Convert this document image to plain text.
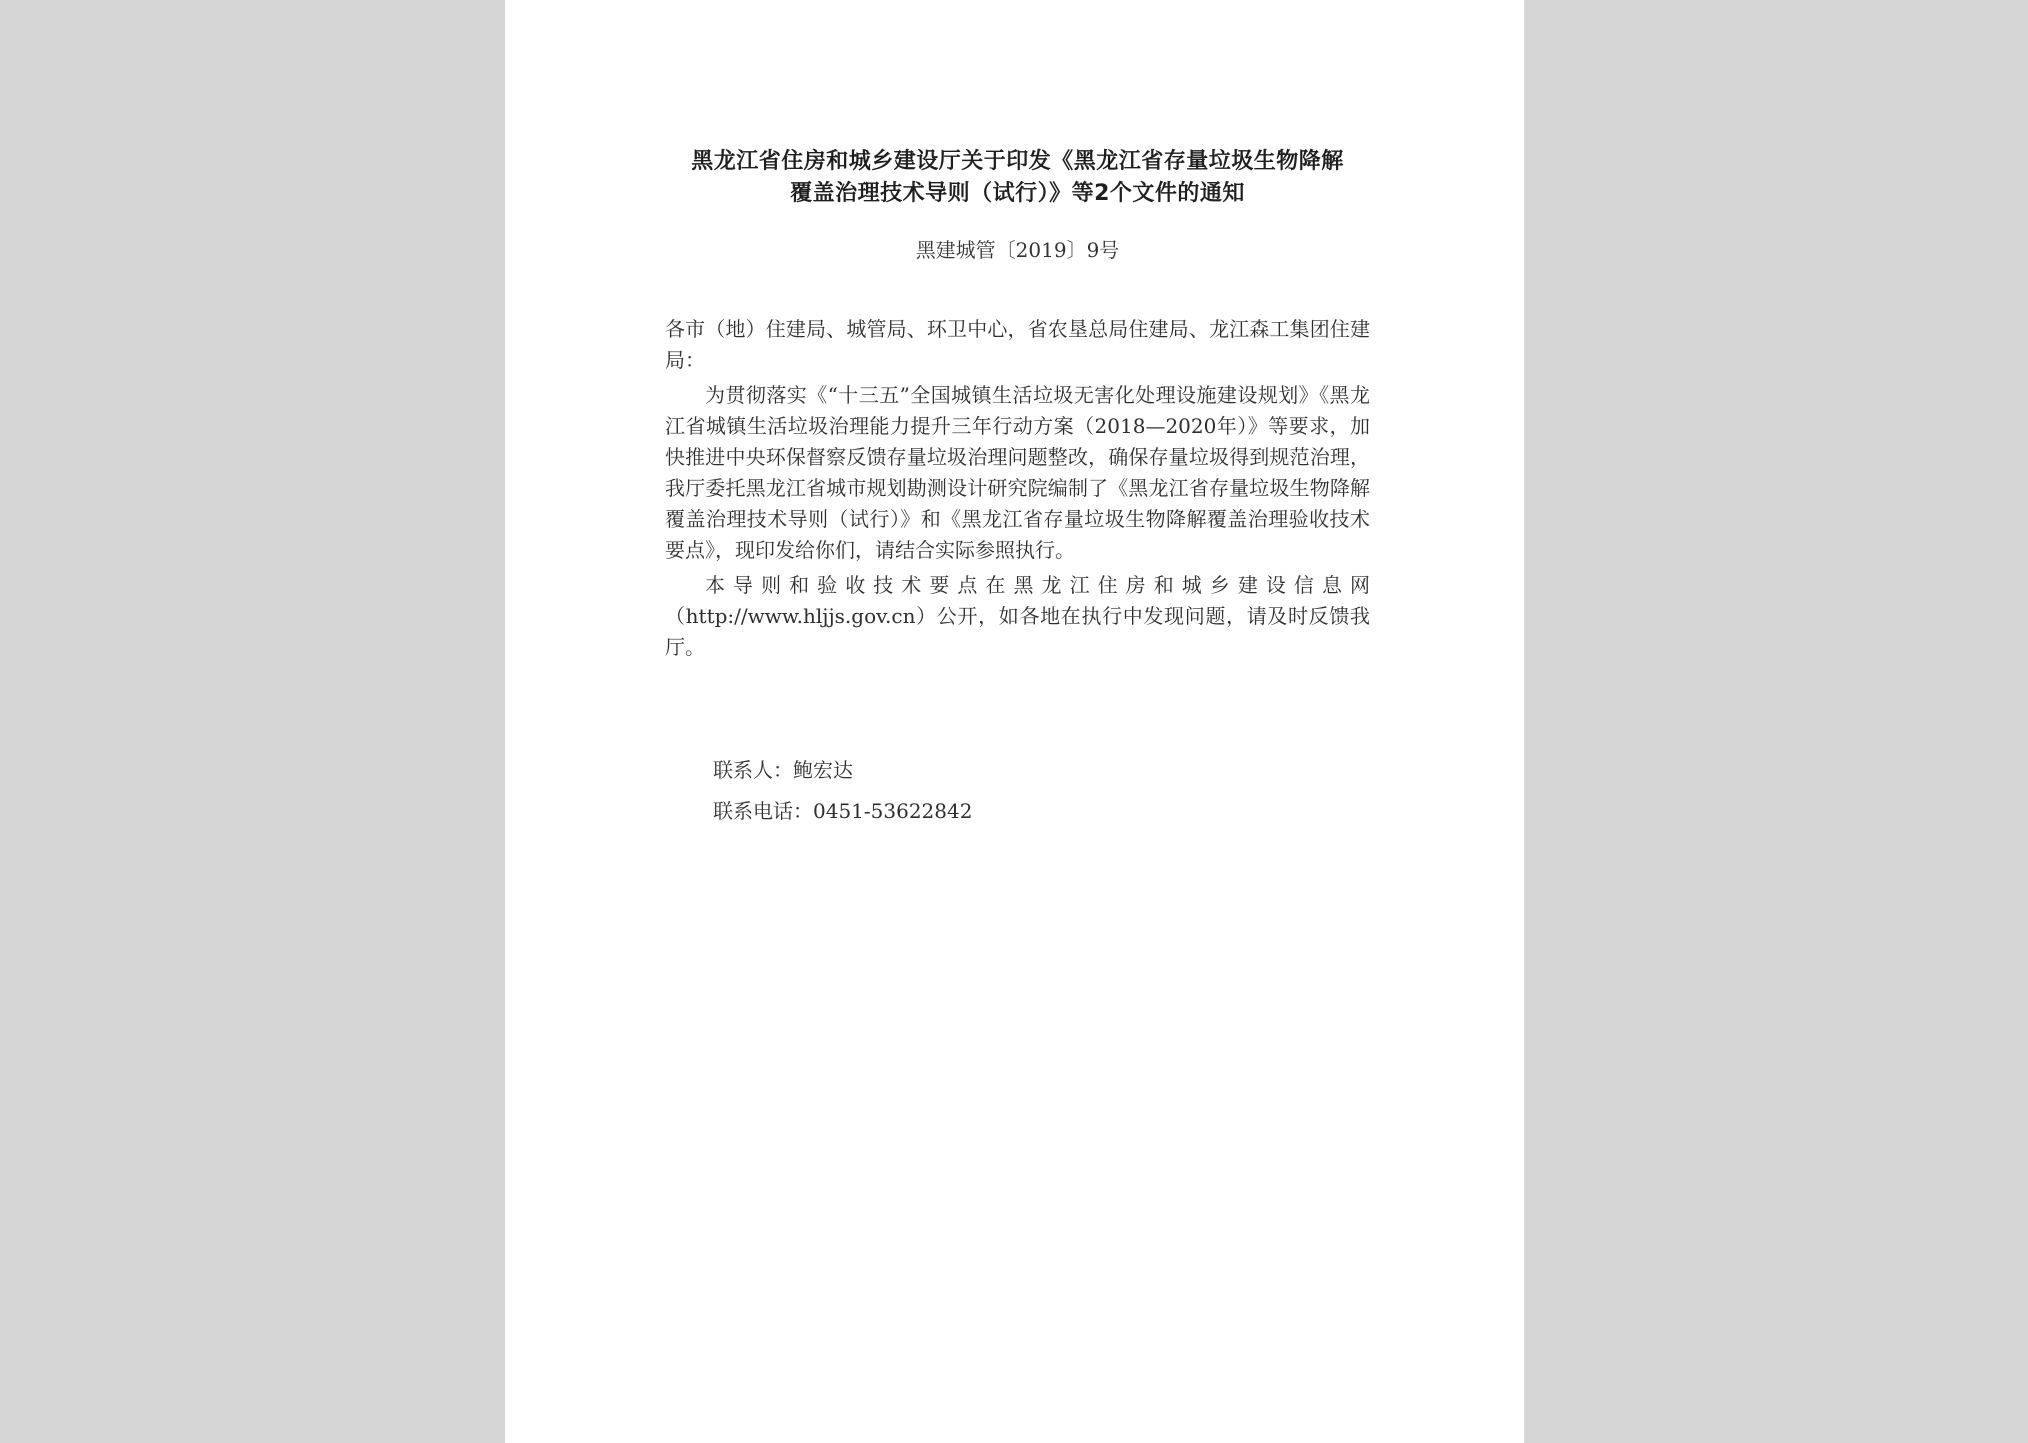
黑龙江省住房和城乡建设厅关于印发《黑龙江省存量垃圾生物降解
覆盖治理技术导则（试行）》等2个文件的通知
黑建城管〔2019〕9号

各市（地）住建局、城管局、环卫中心，省农垦总局住建局、龙江森工集团住建局：

为贯彻落实《“十三五”全国城镇生活垃圾无害化处理设施建设规划》《黑龙江省城镇生活垃圾治理能力提升三年行动方案（2018—2020年）》等要求，加快推进中央环保督察反馈存量垃圾治理问题整改，确保存量垃圾得到规范治理，我厅委托黑龙江省城市规划勘测设计研究院编制了《黑龙江省存量垃圾生物降解覆盖治理技术导则（试行）》和《黑龙江省存量垃圾生物降解覆盖治理验收技术要点》，现印发给你们，请结合实际参照执行。

本导则和验收技术要点在黑龙江住房和城乡建设信息网（http://www.hljjs.gov.cn）公开，如各地在执行中发现问题，请及时反馈我厅。

联系人：鲍宏达
联系电话：0451-53622842
